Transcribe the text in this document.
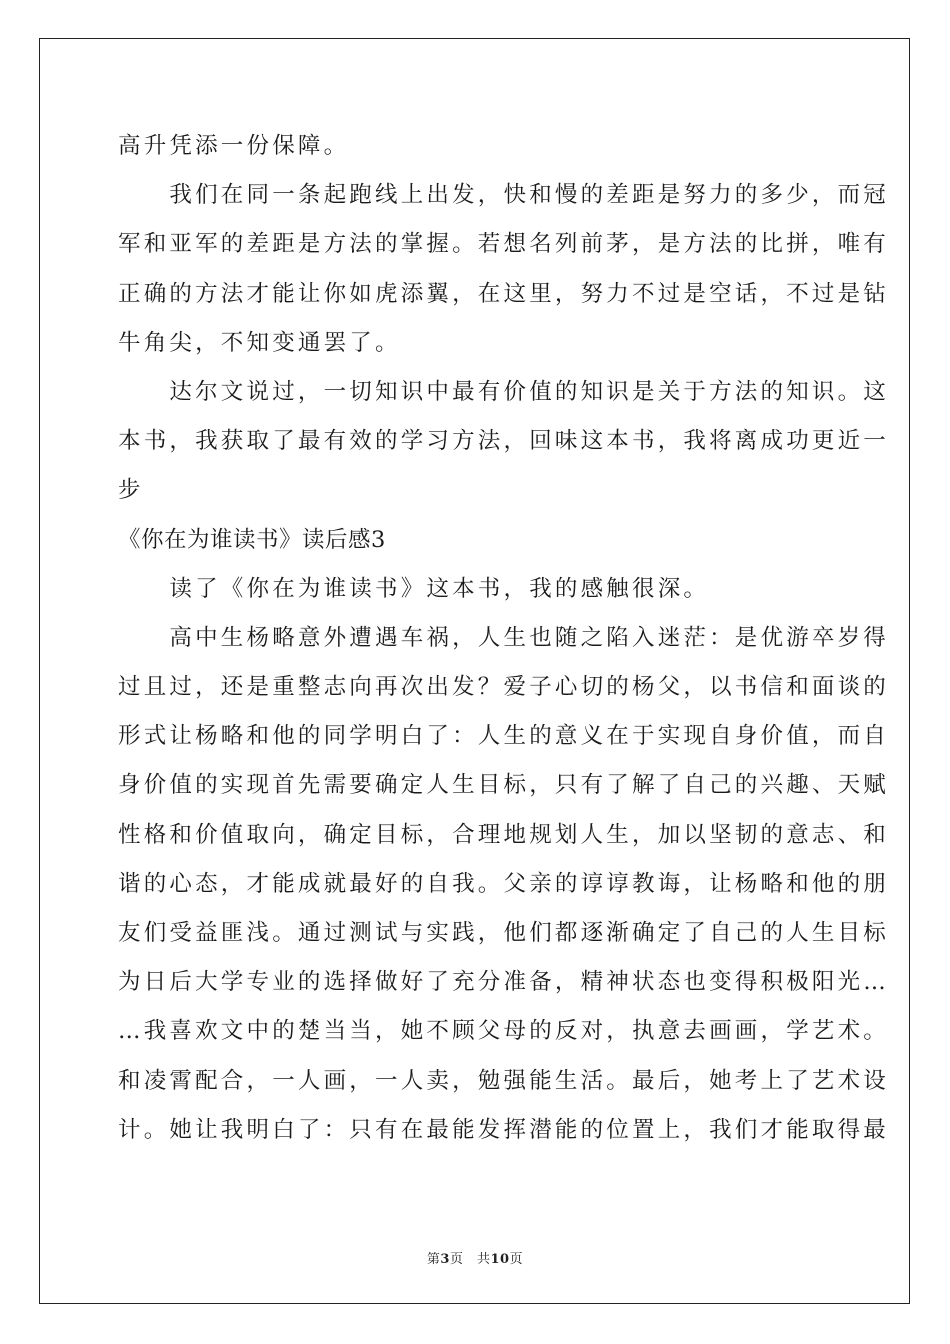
高升凭添一份保障。
　　我们在同一条起跑线上出发，快和慢的差距是努力的多少，而冠
军和亚军的差距是方法的掌握。若想名列前茅，是方法的比拼，唯有
正确的方法才能让你如虎添翼，在这里，努力不过是空话，不过是钻
牛角尖，不知变通罢了。
　　达尔文说过，一切知识中最有价值的知识是关于方法的知识。这
本书，我获取了最有效的学习方法，回味这本书，我将离成功更近一
步
《你在为谁读书》读后感3
　　读了《你在为谁读书》这本书，我的感触很深。
　　高中生杨略意外遭遇车祸，人生也随之陷入迷茫：是优游卒岁得
过且过，还是重整志向再次出发？爱子心切的杨父，以书信和面谈的
形式让杨略和他的同学明白了：人生的意义在于实现自身价值，而自
身价值的实现首先需要确定人生目标，只有了解了自己的兴趣、天赋
性格和价值取向，确定目标，合理地规划人生，加以坚韧的意志、和
谐的心态，才能成就最好的自我。父亲的谆谆教诲，让杨略和他的朋
友们受益匪浅。通过测试与实践，他们都逐渐确定了自己的人生目标
为日后大学专业的选择做好了充分准备，精神状态也变得积极阳光…
…我喜欢文中的楚当当，她不顾父母的反对，执意去画画，学艺术。
和凌霄配合，一人画，一人卖，勉强能生活。最后，她考上了艺术设
计。她让我明白了：只有在最能发挥潜能的位置上，我们才能取得最
第3页　共10页
